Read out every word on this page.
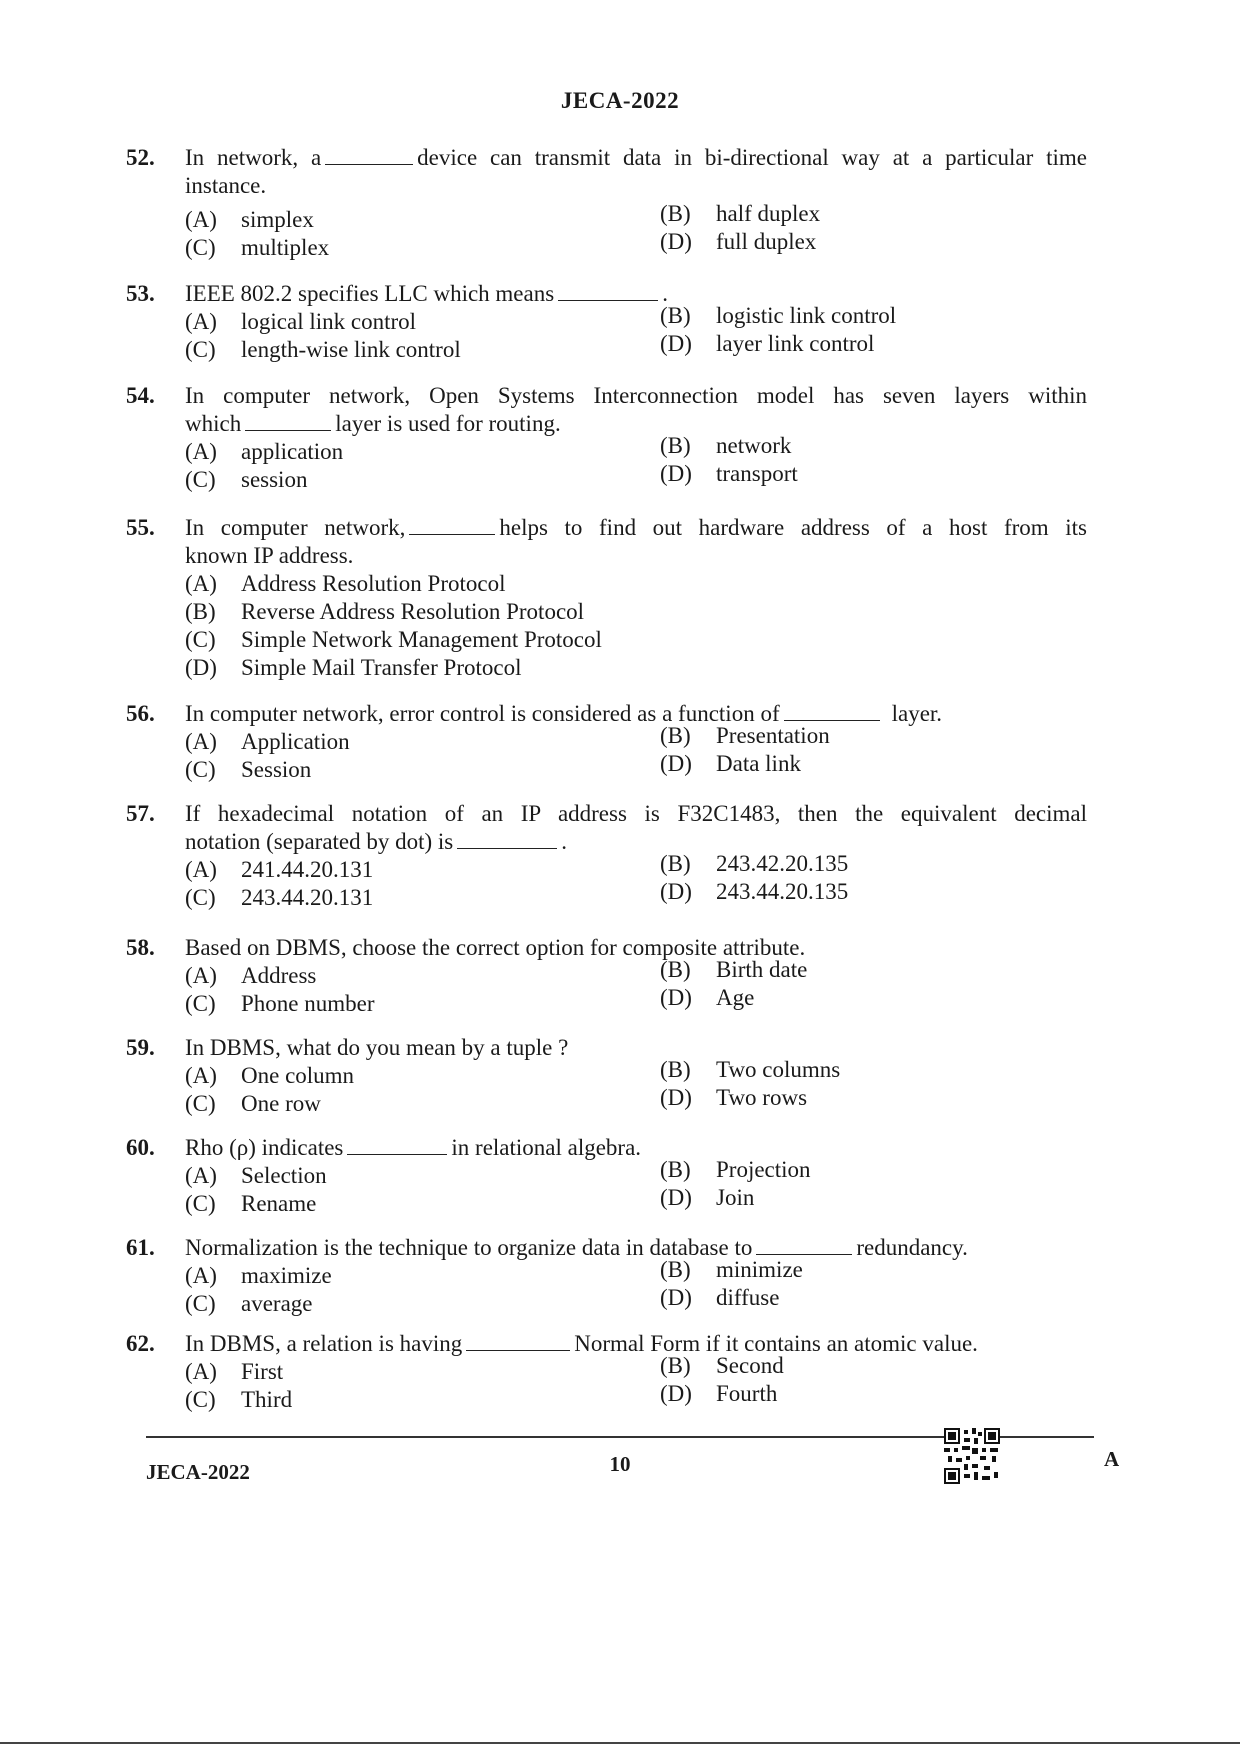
JECA-2022
52. In network, a	device can transmit data in bi-directional way at a particular time
instance.
(A) simplex	(B) half duplex
(C) multiplex	(D) full duplex
53. IEEE 802.2 specifies LLC which means	.
(A) logical link control	(B) logistic link control
(C) length-wise link control	(D) layer link control
54. In computer network, Open Systems Interconnection model has seven layers within
which	layer is used for routing.
(A) application	(B) network
(C) session	(D) transport
55. In computer network,	helps to find out hardware address of a host from its
known IP address.
(A) Address Resolution Protocol
(B) Reverse Address Resolution Protocol
(C) Simple Network Management Protocol
(D) Simple Mail Transfer Protocol
56. In computer network, error control is considered as a function of	layer.
(A) Application	(B) Presentation
(C) Session	(D) Data link
57. If hexadecimal notation of an IP address is F32C1483, then the equivalent decimal
notation (separated by dot) is	.
(A) 241.44.20.131	(B) 243.42.20.135
(C) 243.44.20.131	(D) 243.44.20.135
58. Based on DBMS, choose the correct option for composite attribute.
(A) Address	(B) Birth date
(C) Phone number	(D) Age
59. In DBMS, what do you mean by a tuple ?
(A) One column	(B) Two columns
(C) One row	(D) Two rows
60. Rho (ρ) indicates	in relational algebra.
(A) Selection	(B) Projection
(C) Rename	(D) Join
61. Normalization is the technique to organize data in database to	redundancy.
(A) maximize	(B) minimize
(C) average	(D) diffuse
62. In DBMS, a relation is having	Normal Form if it contains an atomic value.
(A) First	(B) Second
(C) Third	(D) Fourth
JECA-2022	10	A
